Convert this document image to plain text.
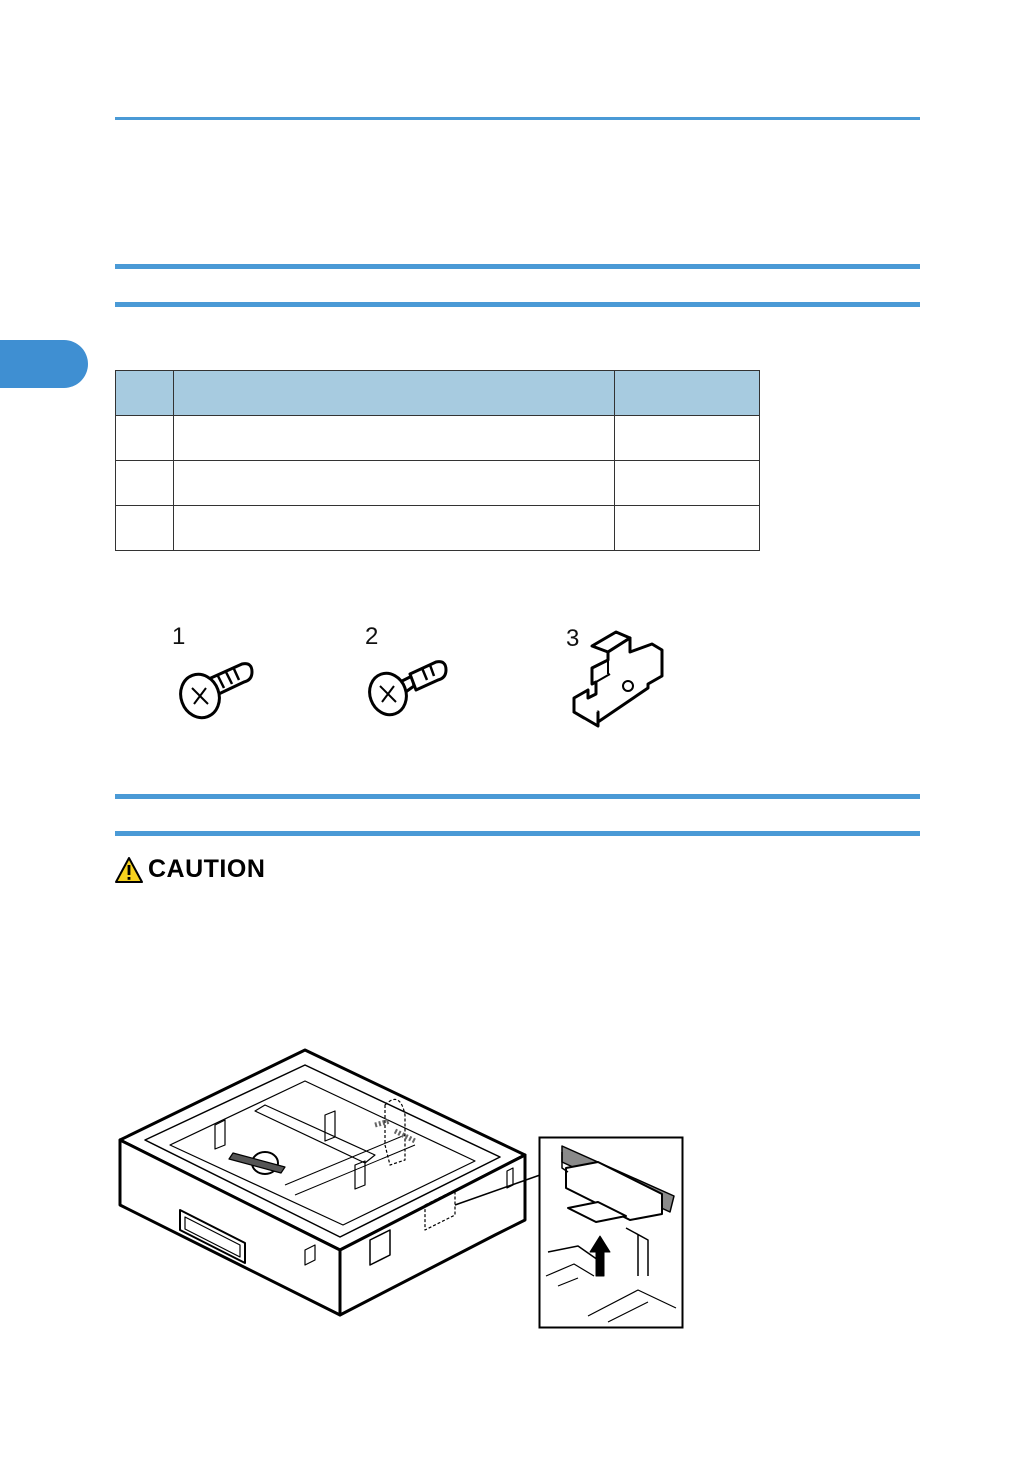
1	2	3
CAUTION
